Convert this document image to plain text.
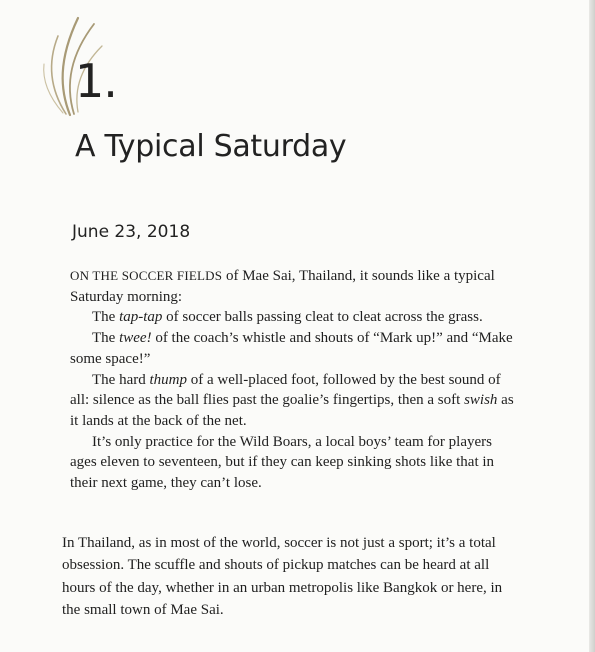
1.
A Typical Saturday
June 23, 2018

ON THE SOCCER FIELDS of Mae Sai, Thailand, it sounds like a typical Saturday morning:

The tap-tap of soccer balls passing cleat to cleat across the grass.

The twee! of the coach’s whistle and shouts of “Mark up!” and “Make some space!”

The hard thump of a well-placed foot, followed by the best sound of all: silence as the ball flies past the goalie’s fingertips, then a soft swish as it lands at the back of the net.

It’s only practice for the Wild Boars, a local boys’ team for players ages eleven to seventeen, but if they can keep sinking shots like that in their next game, they can’t lose.

In Thailand, as in most of the world, soccer is not just a sport; it’s a total obsession. The scuffle and shouts of pickup matches can be heard at all hours of the day, whether in an urban metropolis like Bangkok or here, in the small town of Mae Sai.
